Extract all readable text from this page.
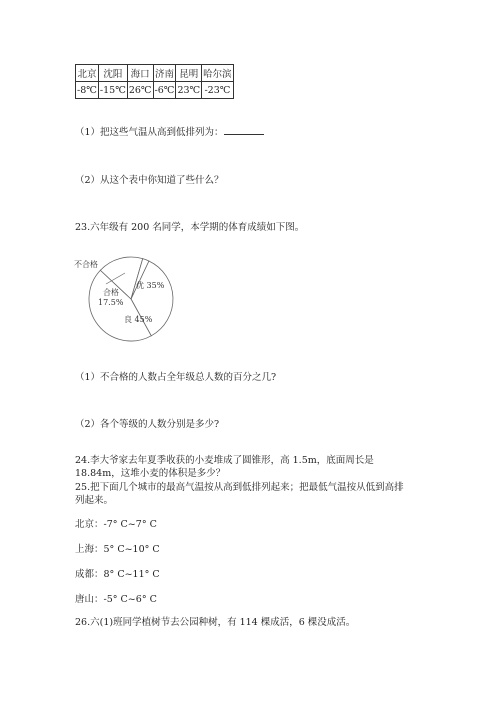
北京	沈阳	海口	济南	昆明	哈尔滨
-8℃	-15℃	26℃	-6℃	23℃	-23℃
（1）把这些气温从高到低排列为：
（2）从这个表中你知道了些什么？
23.六年级有 200 名同学，本学期的体育成绩如下图。
不合格
合格
17.5%
优 35%
良 45%
（1）不合格的人数占全年级总人数的百分之几?
（2）各个等级的人数分别是多少?
24.李大爷家去年夏季收获的小麦堆成了圆锥形，高 1.5m，底面周长是
18.84m，这堆小麦的体积是多少？
25.把下面几个城市的最高气温按从高到低排列起来；把最低气温按从低到高排
列起来。
北京：-7° C~7° C
上海：5° C~10° C
成都：8° C~11° C
唐山：-5° C~6° C
26.六(1)班同学植树节去公园种树，有 114 棵成活，6 棵没成活。
